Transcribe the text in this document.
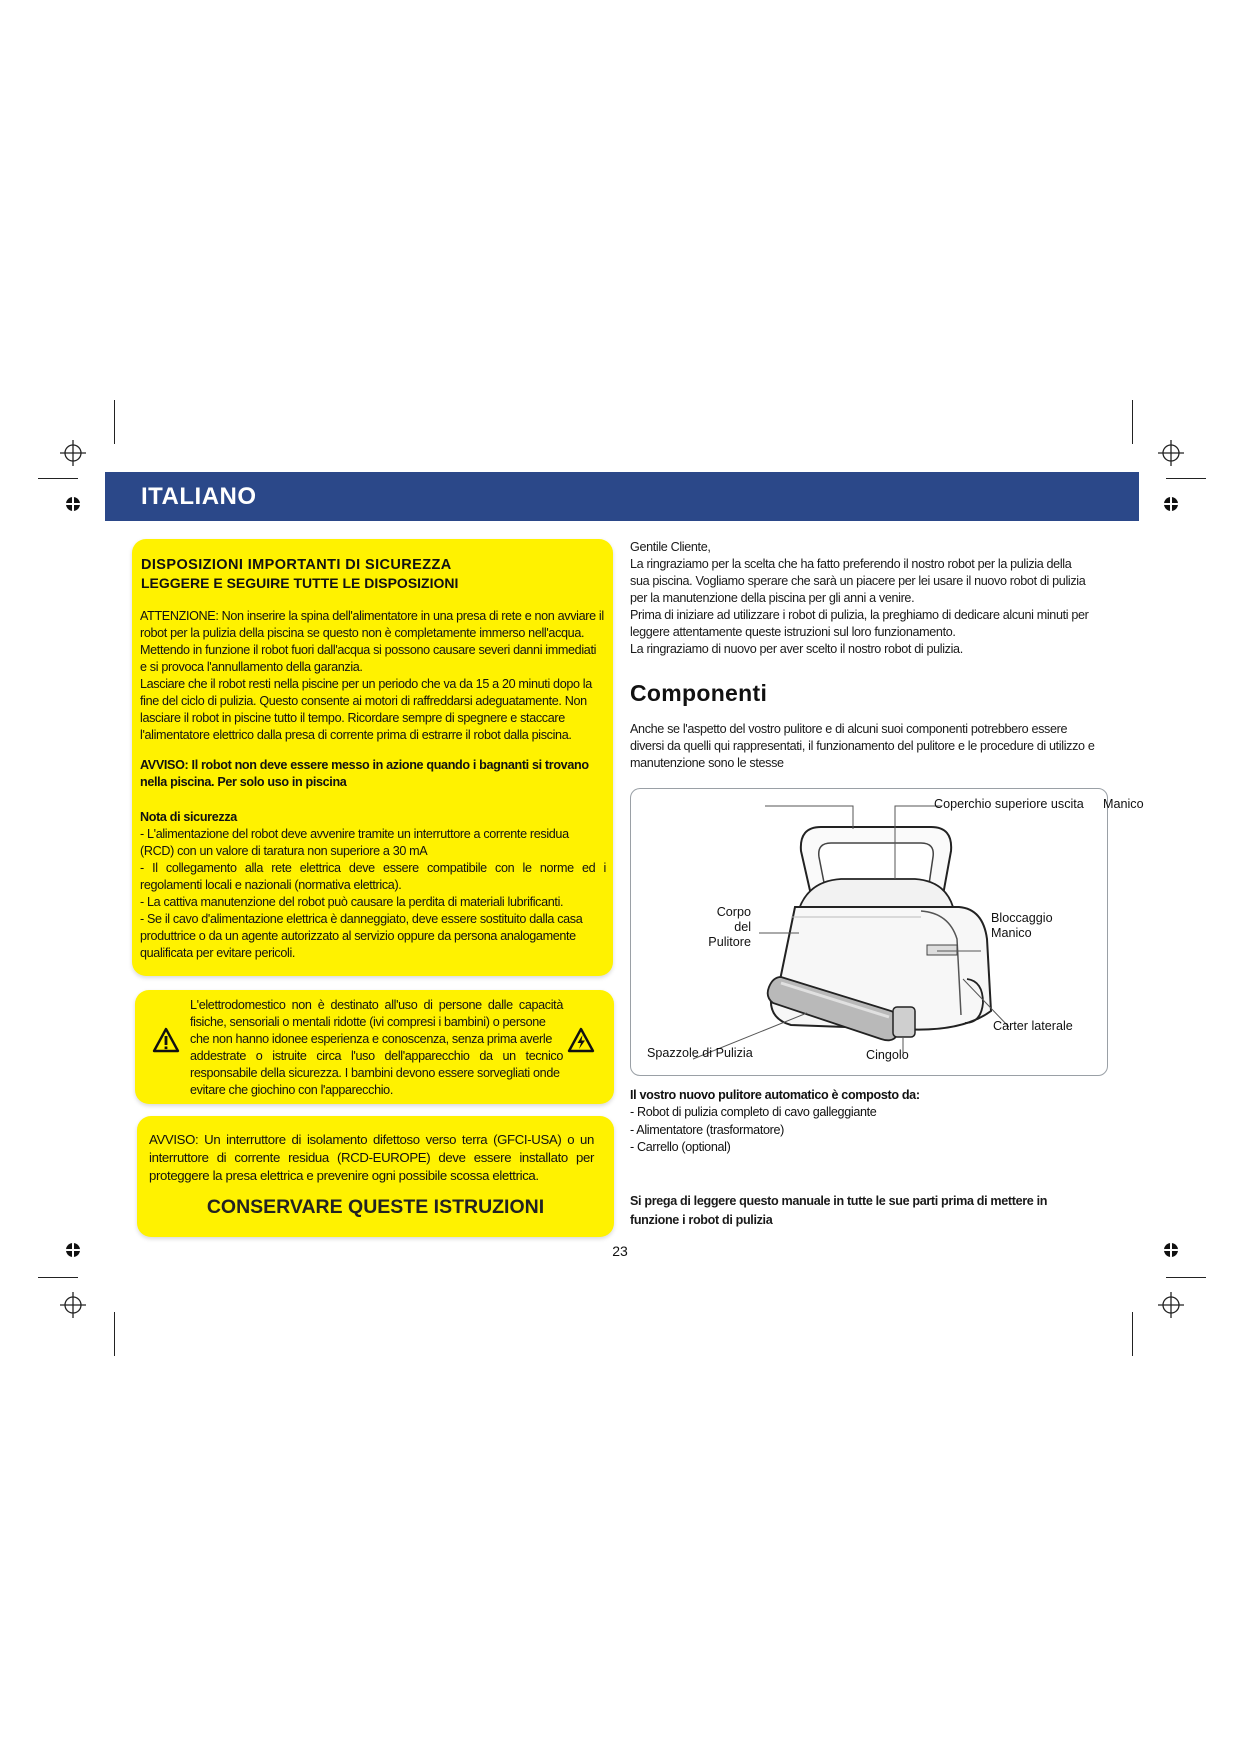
ITALIANO
DISPOSIZIONI IMPORTANTI DI SICUREZZA
LEGGERE E SEGUIRE TUTTE LE DISPOSIZIONI

ATTENZIONE: Non inserire la spina dell'alimentatore in una presa di rete e non avviare il

robot per la pulizia della piscina se questo non è completamente immerso nell'acqua.

Mettendo in funzione il robot fuori dall'acqua si possono causare severi danni immediati

e si provoca l'annullamento della garanzia.

Lasciare che il robot resti nella piscine per un periodo che va da 15 a 20 minuti dopo la

fine del ciclo di pulizia. Questo consente ai motori di raffreddarsi adeguatamente. Non

lasciare il robot in piscine tutto il tempo. Ricordare sempre di spegnere e staccare

l'alimentatore elettrico dalla presa di corrente prima di estrarre il robot dalla piscina.

AVVISO: Il robot non deve essere messo in azione quando i bagnanti si trovano

nella piscina. Per solo uso in piscina

Nota di sicurezza

- L'alimentazione del robot deve avvenire tramite un interruttore a corrente residua

(RCD) con un valore di taratura non superiore a 30 mA

- Il collegamento alla rete elettrica deve essere compatibile con le norme ed i

regolamenti locali e nazionali (normativa elettrica).

- La cattiva manutenzione del robot può causare la perdita di materiali lubrificanti.

- Se il cavo d'alimentazione elettrica è danneggiato, deve essere sostituito dalla casa

produttrice o da un agente autorizzato al servizio oppure da persona analogamente

qualificata per evitare pericoli.

L'elettrodomestico non è destinato all'uso di persone dalle capacità

fisiche, sensoriali o mentali ridotte (ivi compresi i bambini) o persone

che non hanno idonee esperienza e conoscenza, senza prima averle

addestrate o istruite circa l'uso dell'apparecchio da un tecnico

responsabile della sicurezza. I bambini devono essere sorvegliati onde

evitare che giochino con l'apparecchio.

AVVISO: Un interruttore di isolamento difettoso verso terra (GFCI-USA) o un

interruttore di corrente residua (RCD-EUROPE) deve essere installato per

proteggere la presa elettrica e prevenire ogni possibile scossa elettrica.

CONSERVARE QUESTE ISTRUZIONI

Gentile Cliente,

La ringraziamo per la scelta che ha fatto preferendo il nostro robot per la pulizia della

sua piscina. Vogliamo sperare che sarà un piacere per lei usare il nuovo robot di pulizia

per la manutenzione della piscina per gli anni a venire.

Prima di iniziare ad utilizzare i robot di pulizia, la preghiamo di dedicare alcuni minuti per

leggere attentamente queste istruzioni sul loro funzionamento.

La ringraziamo di nuovo per aver scelto il nostro robot di pulizia.

Componenti

Anche se l'aspetto del vostro pulitore e di alcuni suoi componenti potrebbero essere

diversi da quelli qui rappresentati, il funzionamento del pulitore e le procedure di utilizzo e

manutenzione sono le stesse

Coperchio superiore uscita Manico
Corpo
del
Pulitore
Bloccaggio
Manico
Carter laterale
Spazzole di Pulizia	Cingolo
Il vostro nuovo pulitore automatico è composto da:
- Robot di pulizia completo di cavo galleggiante
- Alimentatore (trasformatore)
- Carrello (optional)

Si prega di leggere questo manuale in tutte le sue parti prima di mettere in

funzione i robot di pulizia

23
